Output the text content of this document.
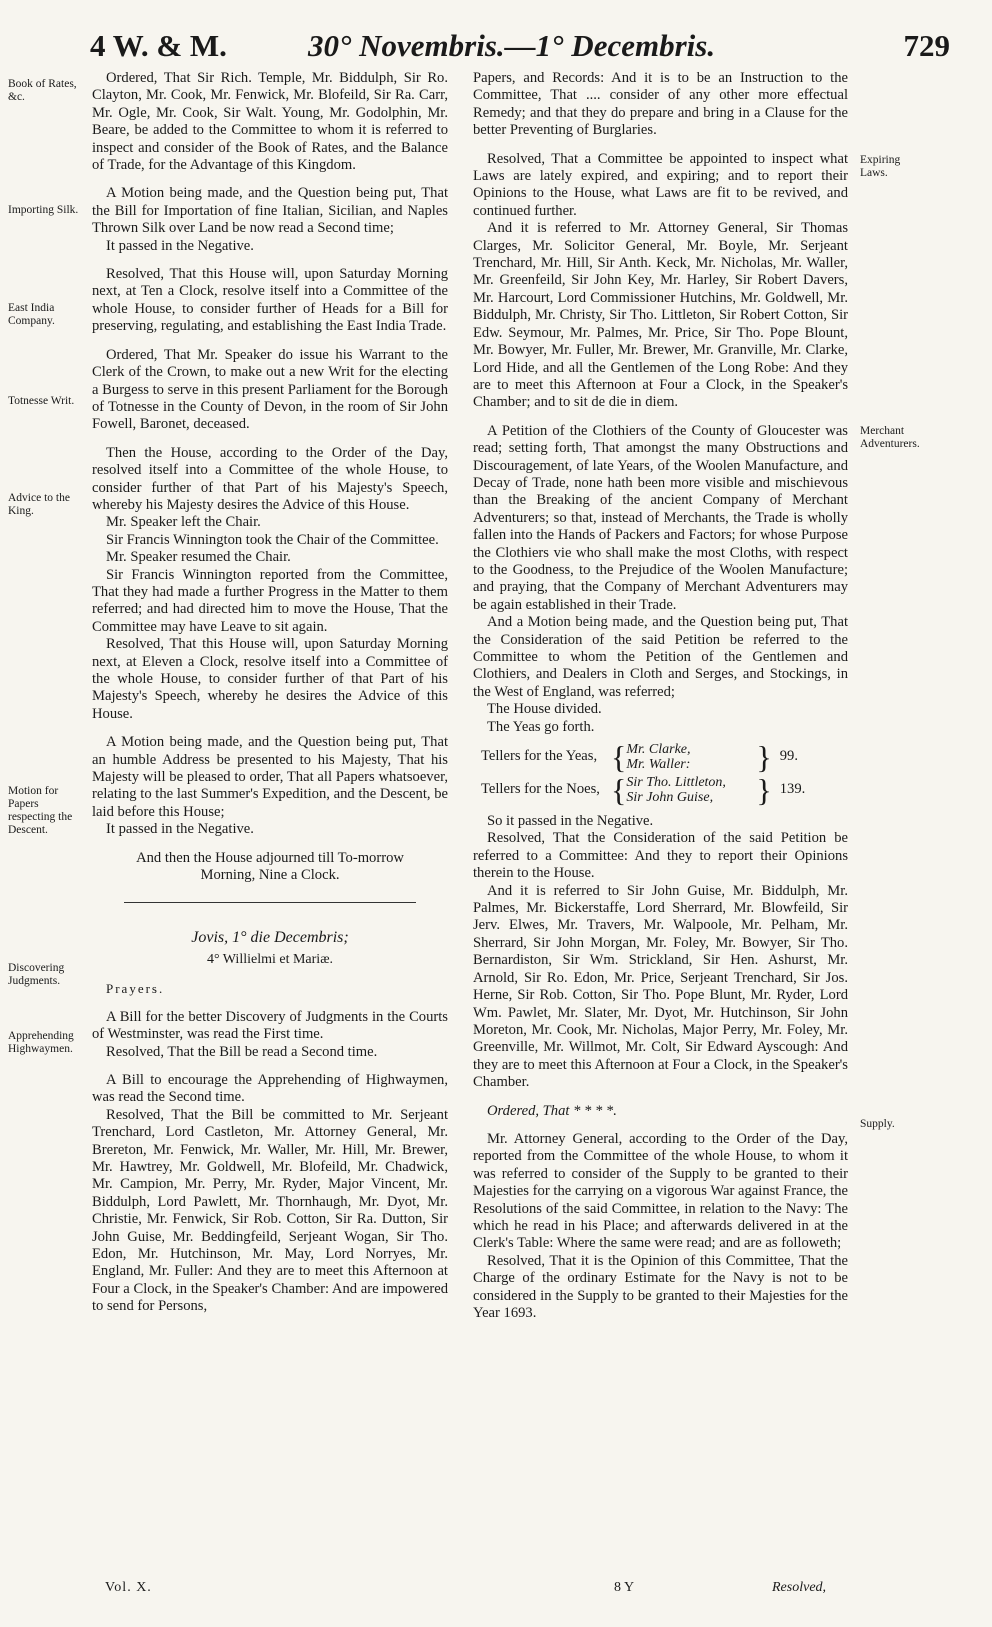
4 W. & M.	30° Novembris.—1° Decembris.	729
Book of Rates, &c.
Importing Silk.
East India Company.
Totnesse Writ.
Advice to the King.
Motion for Papers respecting the Descent.
Discovering Judgments.
Apprehending Highwaymen.
Expiring Laws.
Merchant Adventurers.
Supply.

Ordered, That Sir Rich. Temple, Mr. Biddulph, Sir Ro. Clayton, Mr. Cook, Mr. Fenwick, Mr. Blofeild, Sir Ra. Carr, Mr. Ogle, Mr. Cook, Sir Walt. Young, Mr. Godolphin, Mr. Beare, be added to the Committee to whom it is referred to inspect and consider of the Book of Rates, and the Balance of Trade, for the Advantage of this Kingdom.

A Motion being made, and the Question being put, That the Bill for Importation of fine Italian, Sicilian, and Naples Thrown Silk over Land be now read a Second time;

It passed in the Negative.

Resolved, That this House will, upon Saturday Morning next, at Ten a Clock, resolve itself into a Committee of the whole House, to consider further of Heads for a Bill for preserving, regulating, and establishing the East India Trade.

Ordered, That Mr. Speaker do issue his Warrant to the Clerk of the Crown, to make out a new Writ for the electing a Burgess to serve in this present Parliament for the Borough of Totnesse in the County of Devon, in the room of Sir John Fowell, Baronet, deceased.

Then the House, according to the Order of the Day, resolved itself into a Committee of the whole House, to consider further of that Part of his Majesty's Speech, whereby his Majesty desires the Advice of this House.

Mr. Speaker left the Chair.

Sir Francis Winnington took the Chair of the Committee.

Mr. Speaker resumed the Chair.

Sir Francis Winnington reported from the Committee, That they had made a further Progress in the Matter to them referred; and had directed him to move the House, That the Committee may have Leave to sit again.

Resolved, That this House will, upon Saturday Morning next, at Eleven a Clock, resolve itself into a Committee of the whole House, to consider further of that Part of his Majesty's Speech, whereby he desires the Advice of this House.

A Motion being made, and the Question being put, That an humble Address be presented to his Majesty, That his Majesty will be pleased to order, That all Papers whatsoever, relating to the last Summer's Expedition, and the Descent, be laid before this House;

It passed in the Negative.

And then the House adjourned till To-morrow Morning, Nine a Clock.

Jovis, 1° die Decembris;
4° Willielmi et Mariæ.

Prayers.

A Bill for the better Discovery of Judgments in the Courts of Westminster, was read the First time.

Resolved, That the Bill be read a Second time.

A Bill to encourage the Apprehending of Highwaymen, was read the Second time.

Resolved, That the Bill be committed to Mr. Serjeant Trenchard, Lord Castleton, Mr. Attorney General, Mr. Brereton, Mr. Fenwick, Mr. Waller, Mr. Hill, Mr. Brewer, Mr. Hawtrey, Mr. Goldwell, Mr. Blofeild, Mr. Chadwick, Mr. Campion, Mr. Perry, Mr. Ryder, Major Vincent, Mr. Biddulph, Lord Pawlett, Mr. Thornhaugh, Mr. Dyot, Mr. Christie, Mr. Fenwick, Sir Rob. Cotton, Sir Ra. Dutton, Sir John Guise, Mr. Beddingfeild, Serjeant Wogan, Sir Tho. Edon, Mr. Hutchinson, Mr. May, Lord Norryes, Mr. England, Mr. Fuller: And they are to meet this Afternoon at Four a Clock, in the Speaker's Chamber: And are impowered to send for Persons,

Papers, and Records: And it is to be an Instruction to the Committee, That .... consider of any other more effectual Remedy; and that they do prepare and bring in a Clause for the better Preventing of Burglaries.

Resolved, That a Committee be appointed to inspect what Laws are lately expired, and expiring; and to report their Opinions to the House, what Laws are fit to be revived, and continued further.

And it is referred to Mr. Attorney General, Sir Thomas Clarges, Mr. Solicitor General, Mr. Boyle, Mr. Serjeant Trenchard, Mr. Hill, Sir Anth. Keck, Mr. Nicholas, Mr. Waller, Mr. Greenfeild, Sir John Key, Mr. Harley, Sir Robert Davers, Mr. Harcourt, Lord Commissioner Hutchins, Mr. Goldwell, Mr. Biddulph, Mr. Christy, Sir Tho. Littleton, Sir Robert Cotton, Sir Edw. Seymour, Mr. Palmes, Mr. Price, Sir Tho. Pope Blount, Mr. Bowyer, Mr. Fuller, Mr. Brewer, Mr. Granville, Mr. Clarke, Lord Hide, and all the Gentlemen of the Long Robe: And they are to meet this Afternoon at Four a Clock, in the Speaker's Chamber; and to sit de die in diem.

A Petition of the Clothiers of the County of Gloucester was read; setting forth, That amongst the many Obstructions and Discouragement, of late Years, of the Woolen Manufacture, and Decay of Trade, none hath been more visible and mischievous than the Breaking of the ancient Company of Merchant Adventurers; so that, instead of Merchants, the Trade is wholly fallen into the Hands of Packers and Factors; for whose Purpose the Clothiers vie who shall make the most Cloths, with respect to the Goodness, to the Prejudice of the Woolen Manufacture; and praying, that the Company of Merchant Adventurers may be again established in their Trade.

And a Motion being made, and the Question being put, That the Consideration of the said Petition be referred to the Committee to whom the Petition of the Gentlemen and Clothiers, and Dealers in Cloth and Serges, and Stockings, in the West of England, was referred;

The House divided.

The Yeas go forth.

Tellers for the Yeas, { Mr. Clarke,
Mr. Waller:	} 99.
Tellers for the Noes, { Sir Tho. Littleton,
Sir John Guise,	} 139.

So it passed in the Negative.

Resolved, That the Consideration of the said Petition be referred to a Committee: And they to report their Opinions therein to the House.

And it is referred to Sir John Guise, Mr. Biddulph, Mr. Palmes, Mr. Bickerstaffe, Lord Sherrard, Mr. Blowfeild, Sir Jerv. Elwes, Mr. Travers, Mr. Walpoole, Mr. Pelham, Mr. Sherrard, Sir John Morgan, Mr. Foley, Mr. Bowyer, Sir Tho. Bernardiston, Sir Wm. Strickland, Sir Hen. Ashurst, Mr. Arnold, Sir Ro. Edon, Mr. Price, Serjeant Trenchard, Sir Jos. Herne, Sir Rob. Cotton, Sir Tho. Pope Blunt, Mr. Ryder, Lord Wm. Pawlet, Mr. Slater, Mr. Dyot, Mr. Hutchinson, Sir John Moreton, Mr. Cook, Mr. Nicholas, Major Perry, Mr. Foley, Mr. Greenville, Mr. Willmot, Mr. Colt, Sir Edward Ayscough: And they are to meet this Afternoon at Four a Clock, in the Speaker's Chamber.

Ordered, That * * * *.

Mr. Attorney General, according to the Order of the Day, reported from the Committee of the whole House, to whom it was referred to consider of the Supply to be granted to their Majesties for the carrying on a vigorous War against France, the Resolutions of the said Committee, in relation to the Navy: The which he read in his Place; and afterwards delivered in at the Clerk's Table: Where the same were read; and are as followeth;

Resolved, That it is the Opinion of this Committee, That the Charge of the ordinary Estimate for the Navy is not to be considered in the Supply to be granted to their Majesties for the Year 1693.

Vol. X.	8 Y	Resolved,
